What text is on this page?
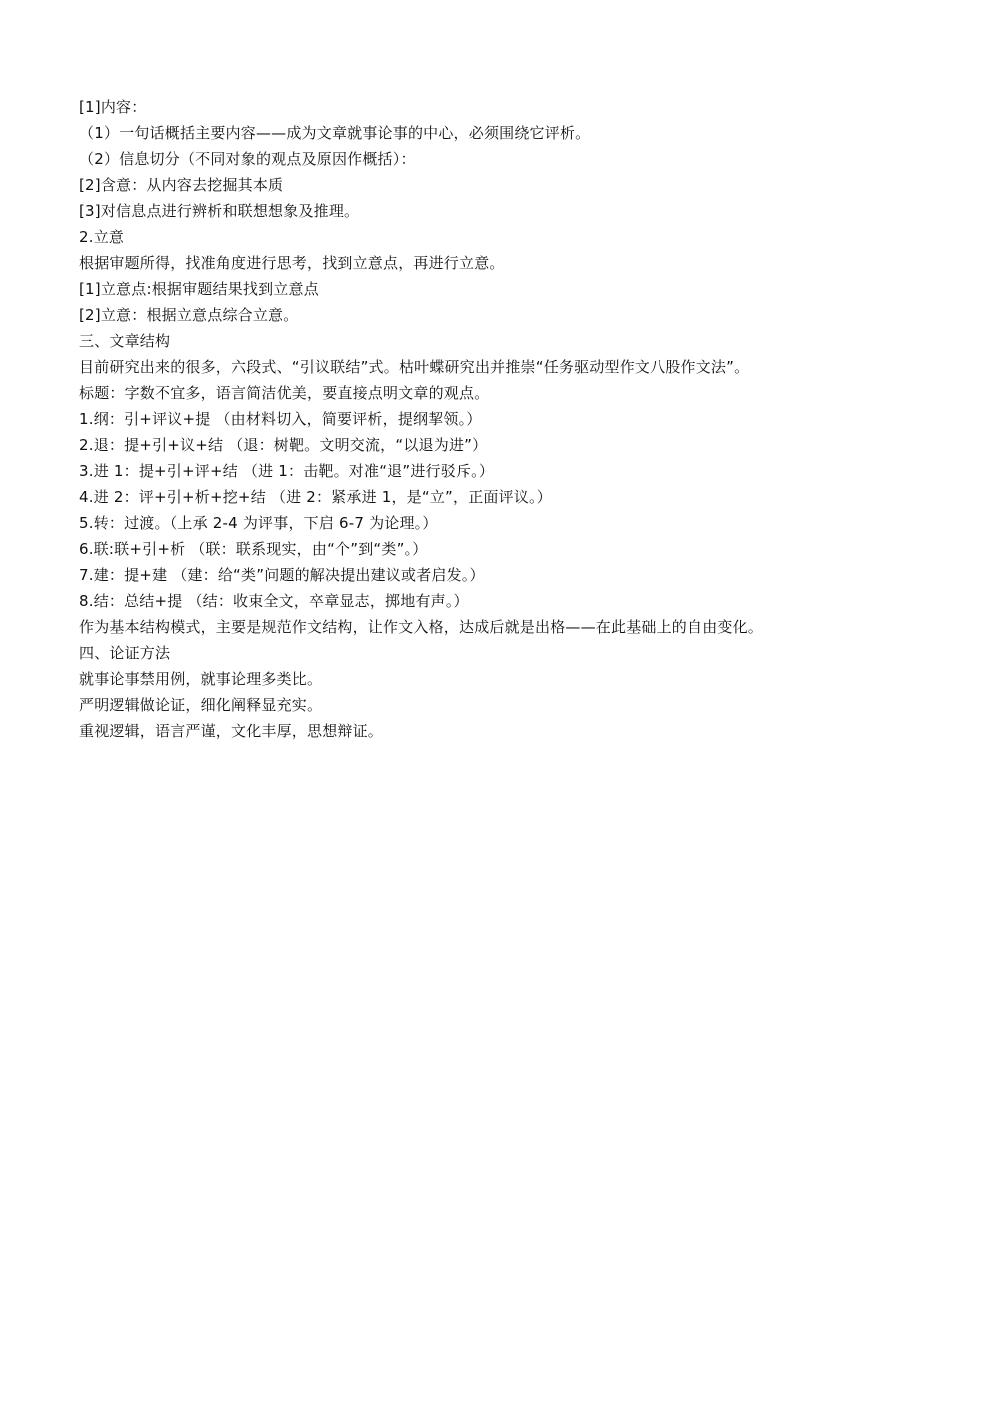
[1]内容：
（1）一句话概括主要内容——成为文章就事论事的中心，必须围绕它评析。
（2）信息切分（不同对象的观点及原因作概括）：
[2]含意：从内容去挖掘其本质
[3]对信息点进行辨析和联想想象及推理。
2.立意
根据审题所得，找准角度进行思考，找到立意点，再进行立意。
[1]立意点:根据审题结果找到立意点
[2]立意：根据立意点综合立意。
三、文章结构
目前研究出来的很多，六段式、“引议联结”式。枯叶蝶研究出并推崇“任务驱动型作文八股作文法”。
标题：字数不宜多，语言简洁优美，要直接点明文章的观点。
1.纲：引+评议+提 （由材料切入，简要评析，提纲挈领。）
2.退：提+引+议+结 （退：树靶。文明交流，“以退为进”）
3.进 1：提+引+评+结 （进 1：击靶。对准“退”进行驳斥。）
4.进 2：评+引+析+挖+结 （进 2：紧承进 1，是“立”，正面评议。）
5.转：过渡。（上承 2-4 为评事，下启 6-7 为论理。）
6.联:联+引+析 （联：联系现实，由“个”到“类”。）
7.建：提+建 （建：给“类”问题的解决提出建议或者启发。）
8.结：总结+提 （结：收束全文，卒章显志，掷地有声。）
作为基本结构模式，主要是规范作文结构，让作文入格，达成后就是出格——在此基础上的自由变化。
四、论证方法
就事论事禁用例，就事论理多类比。
严明逻辑做论证，细化阐释显充实。
重视逻辑，语言严谨，文化丰厚，思想辩证。
